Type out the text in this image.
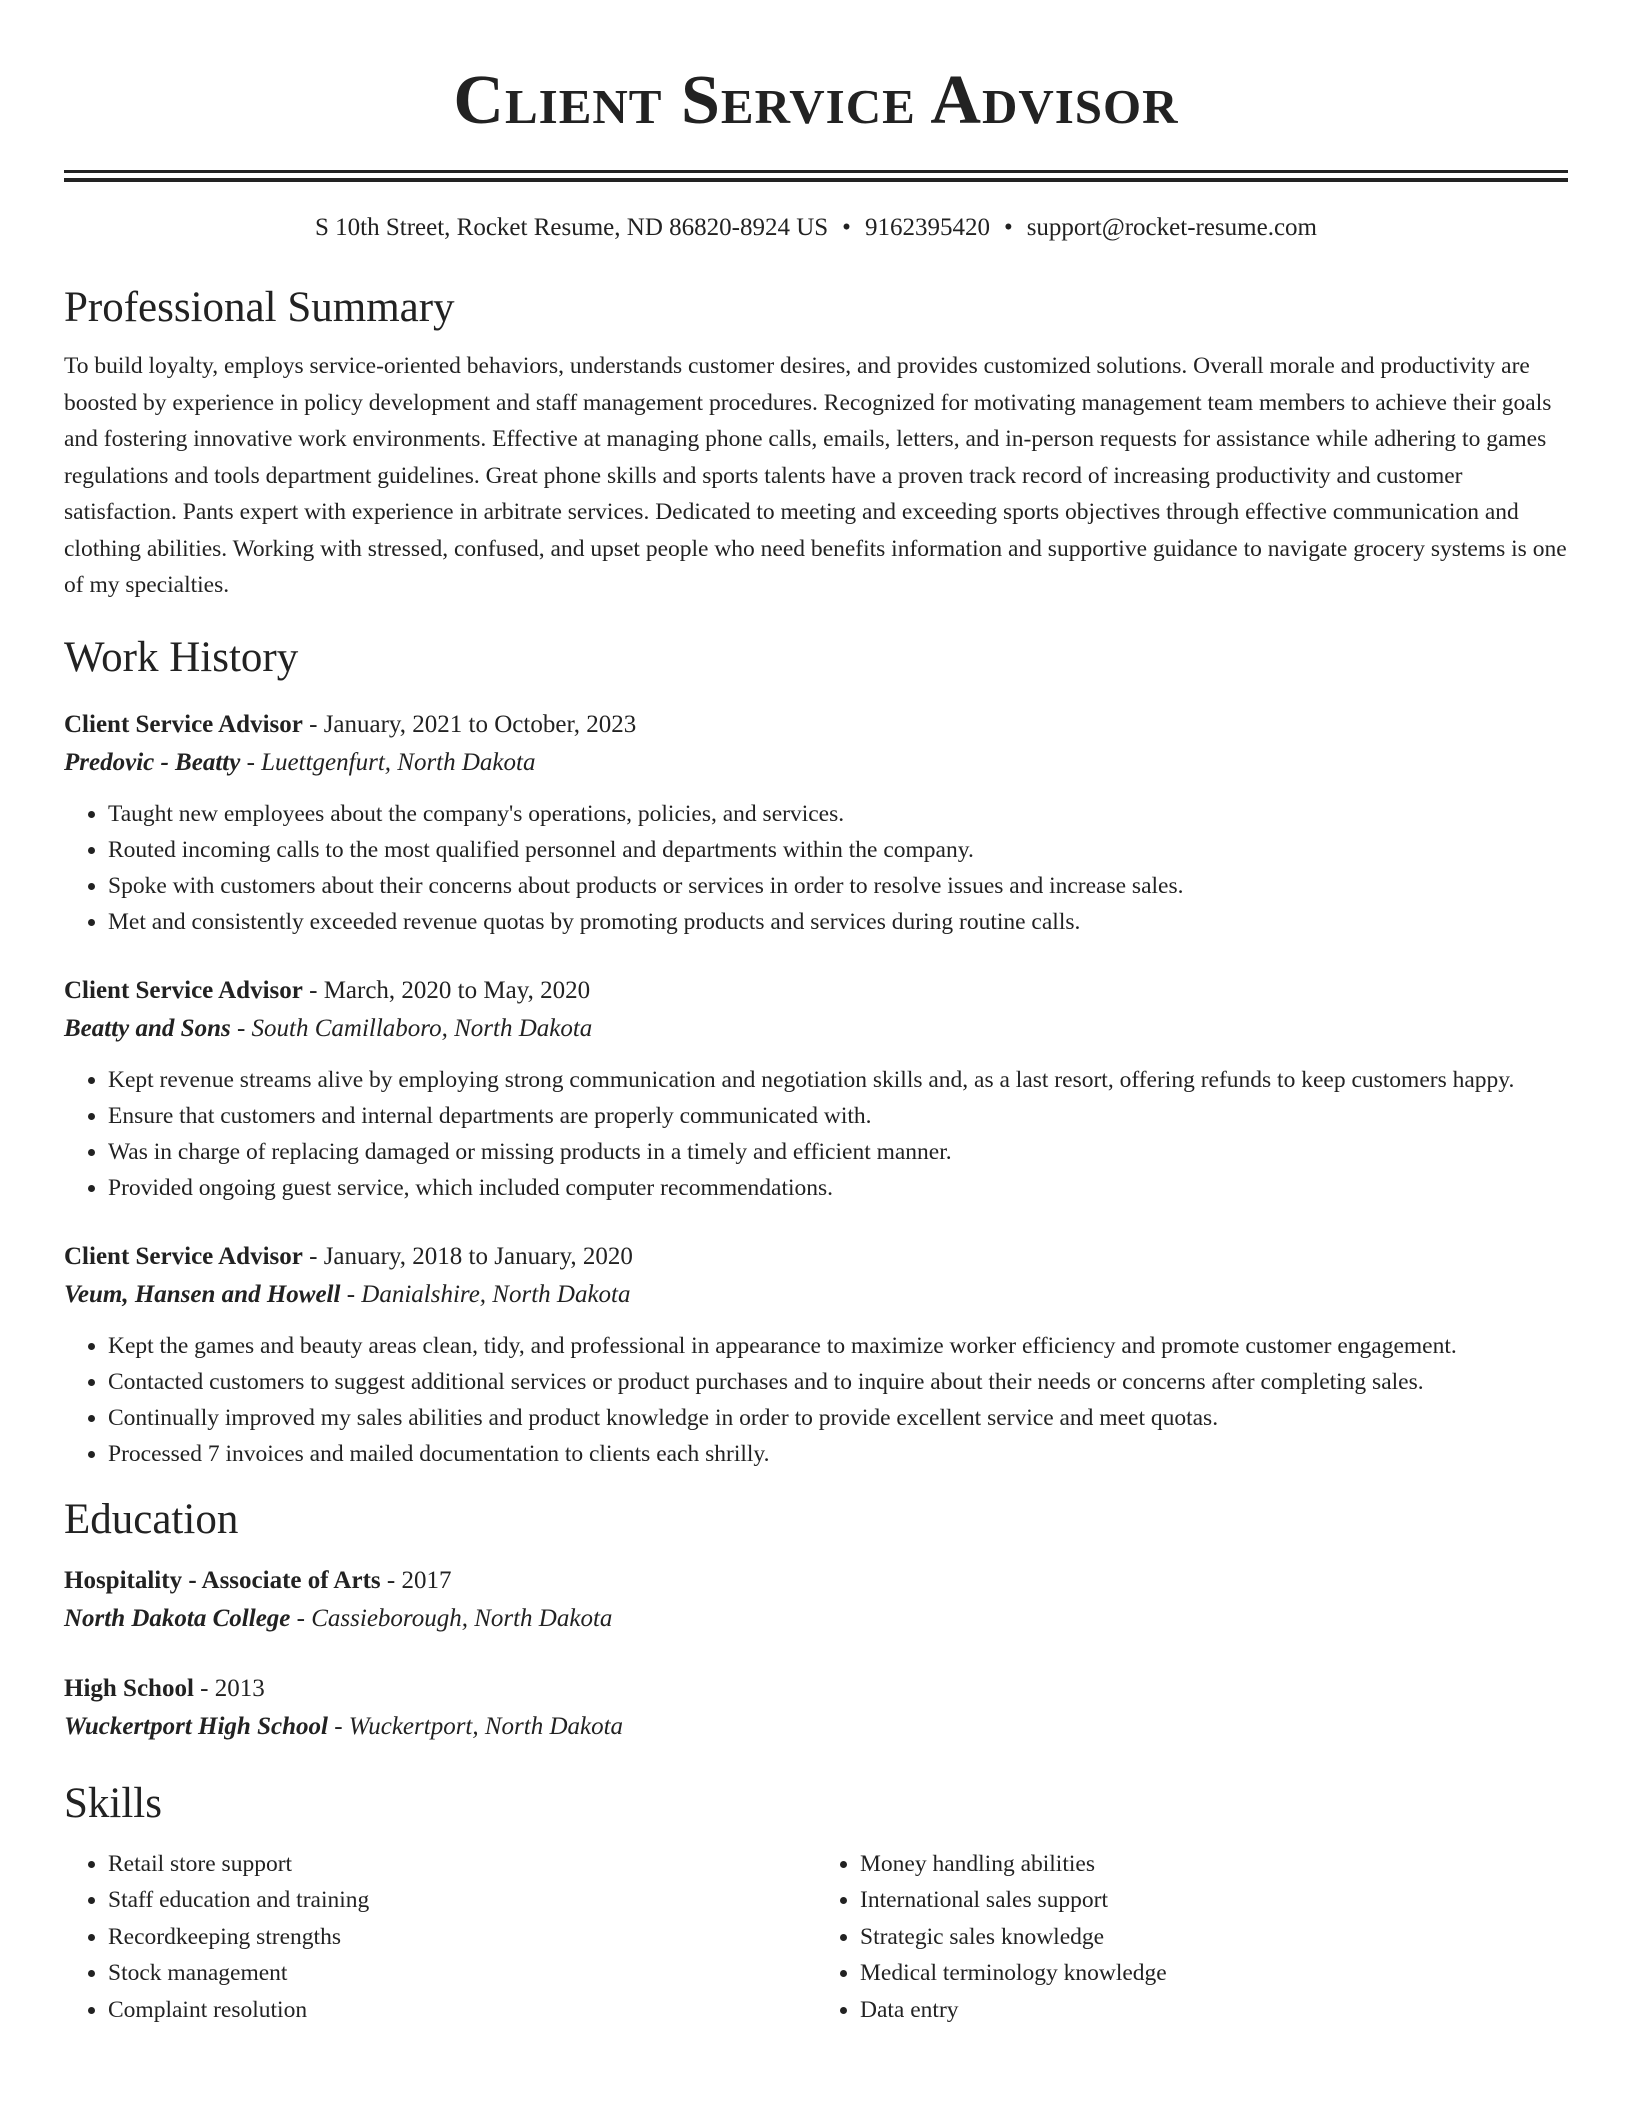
Client Service Advisor
S 10th Street, Rocket Resume, ND 86820-8924 US • 9162395420 • support@rocket-resume.com
Professional Summary

To build loyalty, employs service-oriented behaviors, understands customer desires, and provides customized solutions. Overall morale and productivity are boosted by experience in policy development and staff management procedures. Recognized for motivating management team members to achieve their goals and fostering innovative work environments. Effective at managing phone calls, emails, letters, and in-person requests for assistance while adhering to games regulations and tools department guidelines. Great phone skills and sports talents have a proven track record of increasing productivity and customer satisfaction. Pants expert with experience in arbitrate services. Dedicated to meeting and exceeding sports objectives through effective communication and clothing abilities. Working with stressed, confused, and upset people who need benefits information and supportive guidance to navigate grocery systems is one of my specialties.

Work History
Client Service Advisor - January, 2021 to October, 2023
Predovic - Beatty - Luettgenfurt, North Dakota
• Taught new employees about the company's operations, policies, and services.
• Routed incoming calls to the most qualified personnel and departments within the company.
• Spoke with customers about their concerns about products or services in order to resolve issues and increase sales.
• Met and consistently exceeded revenue quotas by promoting products and services during routine calls.
Client Service Advisor - March, 2020 to May, 2020
Beatty and Sons - South Camillaboro, North Dakota
• Kept revenue streams alive by employing strong communication and negotiation skills and, as a last resort, offering refunds to keep customers happy.
• Ensure that customers and internal departments are properly communicated with.
• Was in charge of replacing damaged or missing products in a timely and efficient manner.
• Provided ongoing guest service, which included computer recommendations.
Client Service Advisor - January, 2018 to January, 2020
Veum, Hansen and Howell - Danialshire, North Dakota
• Kept the games and beauty areas clean, tidy, and professional in appearance to maximize worker efficiency and promote customer engagement.
• Contacted customers to suggest additional services or product purchases and to inquire about their needs or concerns after completing sales.
• Continually improved my sales abilities and product knowledge in order to provide excellent service and meet quotas.
• Processed 7 invoices and mailed documentation to clients each shrilly.
Education
Hospitality - Associate of Arts - 2017
North Dakota College - Cassieborough, North Dakota
High School - 2013
Wuckertport High School - Wuckertport, North Dakota
Skills
• Retail store support
• Staff education and training
• Recordkeeping strengths
• Stock management
• Complaint resolution
• Money handling abilities
• International sales support
• Strategic sales knowledge
• Medical terminology knowledge
• Data entry
